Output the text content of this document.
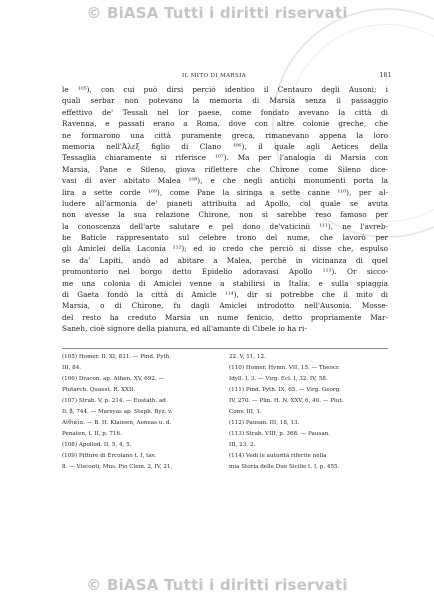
© BiASA Tutti i diritti riservati
IL MITO DI MARSIA	181
le ¹⁰⁵), con cui può dirsi perciò identico il Centauro degli Ausoni; i
quali serbar non potevano la memoria di Marsia senza il passaggio
effettivo de' Tessali nel lor paese, come fondato avevano la città di
Ravenna, e passati erano a Roma, dove con altre colonie greche, che
ne formarono una città puramente greca, rimanevano appena la loro
memoria nell'Ἀλεξ figlio di Clano ¹⁰⁶), il quale agli Aetices della
Tessaglia chiaramente si riferisce ¹⁰⁷). Ma per l'analogia di Marsia con
Marsia, Pane e Sileno, giova riflettere che Chirone come Sileno dice-
vasi di aver abitato Malea ¹⁰⁸), e che negli antichi monumenti porta la
lira a sette corde ¹⁰⁹), come Pane la siringa a sette canne ¹¹⁰), per al-
ludere all'armonia de' pianeti attribuita ad Apollo, col quale se avuta
non avesse la sua relazione Chirone, non si sarebbe reso famoso per
la conoscenza dell'arte salutare e pel dono de'vaticinii ¹¹¹), ne l'avreb-
be Baticle rappresentato sul celebre trono del nume, che lavorò per
gli Amiclei della Laconia ¹¹²); ed io credo che perciò si disse che, espulso
se da' Lapiti, andò ad abitare a Malea, perchè in vicinanza di quel
promontorio nel borgo detto Epidelio adoravasi Apollo ¹¹³). Or sicco-
me una colonia di Amiclei venne a stabilirsi in Italia, e sulla spiaggia
di Gaeta fondò la città di Amicle ¹¹⁴), dir si potrebbe che il mito di
Marsia, o di Chirone, fu dagli Amiclei introdotto nell'Ausonia. Mosse-
del resto ha creduto Marsia un nume fenicio, detto propriamente Mar-
Saneh, cioè signore della pianura, ed all'amante di Cibele io ha ri-
(105) Homer. Il. XI, 831. — Pind. Pyth.
III, 84.
(106) Dracon. ap. Athen. XV, 692. —
Plutarch. Quaest. R. XXII.
(107) Strab. V, p. 214. — Eustath. ad
Il. β, 744. — Marsyas ap. Steph. Byz. v.
Aἰθικία. — B. H. Klausen, Aeneas u. d.
Penaten, t. II, p. 716.
(108) Apollod. II, 5, 4, 5.
(109) Pitture di Ercolano t. I, tav.
8. — Visconti, Mus. Pio Clem. 2, IV, 21,
22. V, 11, 12.
(110) Homer. Hymn. VII, 15. — Theocr.
Idyll. I, 3. — Virg. Ecl. I, 32. IV, 58.
(111) Pind. Pyth. IX, 65. — Virg. Georg.
IV, 270. — Plin. H. N. XXV, 6, 40. — Plut.
Conv. III, 1.
(112) Pausan. III, 18, 13.
(113) Strab. VIII, p. 368. — Pausan.
III, 23, 2.
(114) Vedi le autorità riferite nella
mia Storia delle Due Sicilie t. I, p. 455.
© BiASA Tutti i diritti riservati
